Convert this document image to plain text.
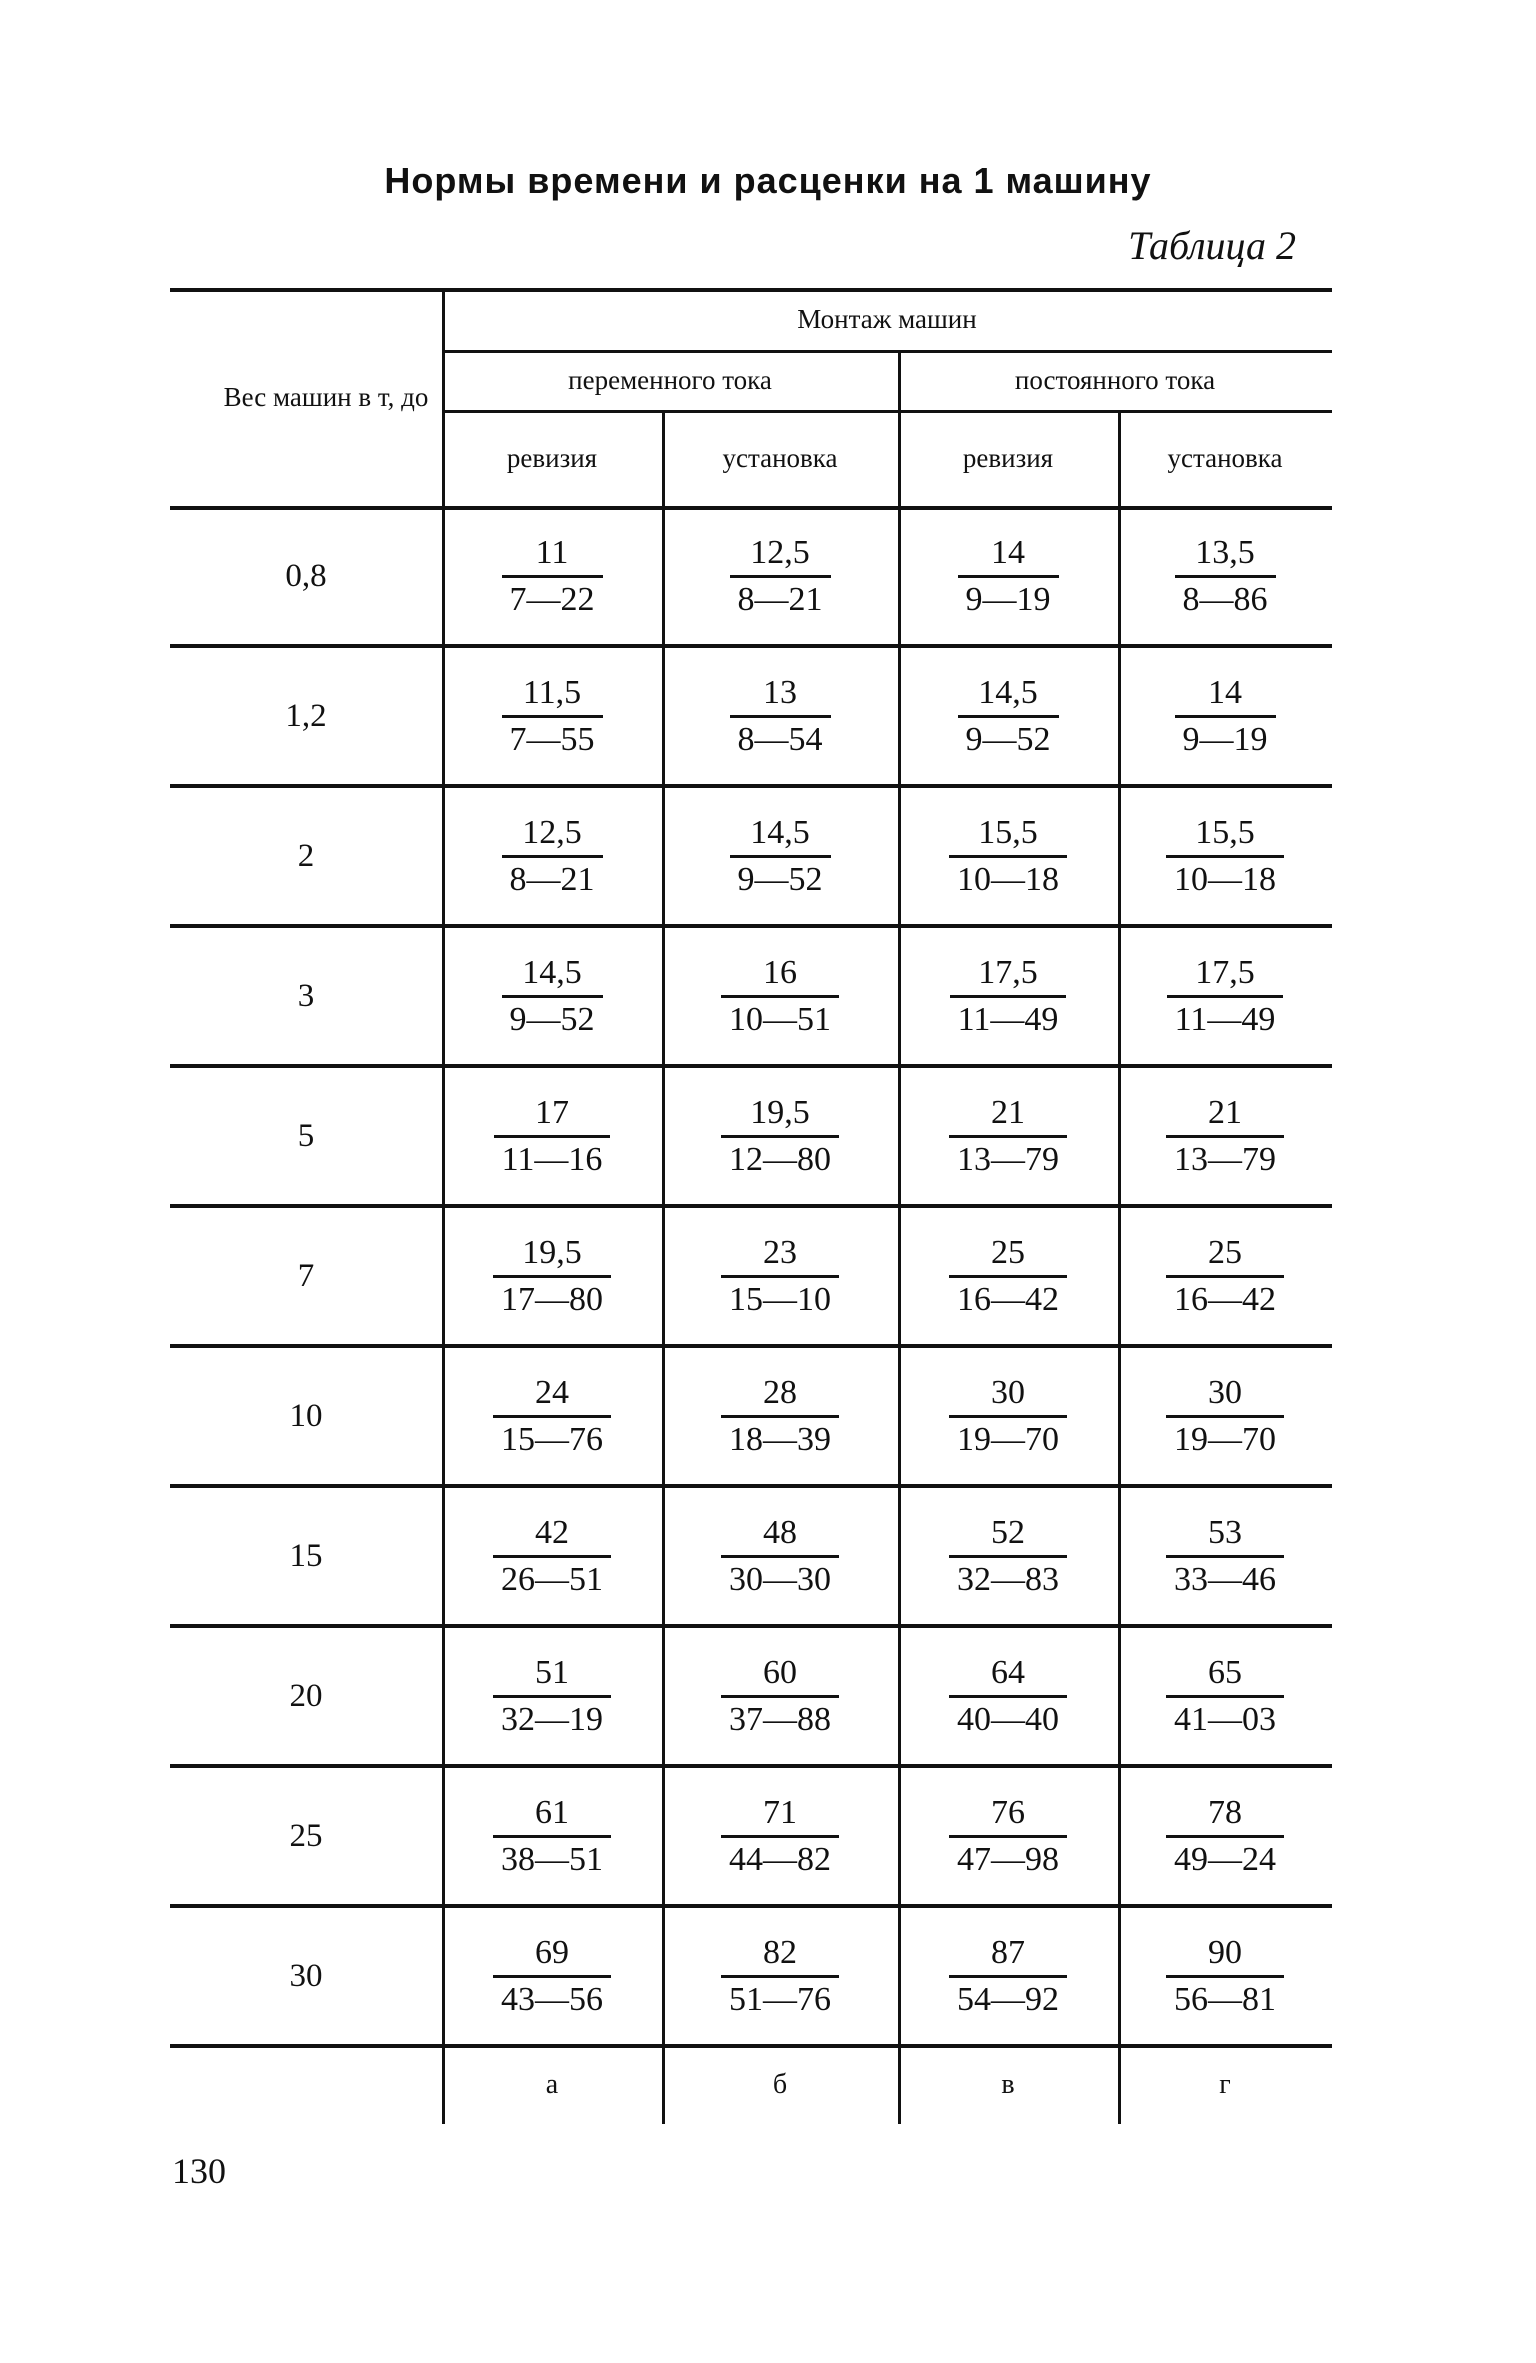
Нормы времени и расценки на 1 машину
Таблица 2
Вес машин в т, до
Монтаж машин
переменного тока	постоянного тока
ревизия	установка	ревизия	установка
0,8	$\frac{11}{7—22}$	$\frac{12,5}{8—21}$	$\frac{14}{9—19}$	$\frac{13,5}{8—86}$
1,2	$\frac{11,5}{7—55}$	$\frac{13}{8—54}$	$\frac{14,5}{9—52}$	$\frac{14}{9—19}$
2	$\frac{12,5}{8—21}$	$\frac{14,5}{9—52}$	$\frac{15,5}{10—18}$	$\frac{15,5}{10—18}$
3	$\frac{14,5}{9—52}$	$\frac{16}{10—51}$	$\frac{17,5}{11—49}$	$\frac{17,5}{11—49}$
5	$\frac{17}{11—16}$	$\frac{19,5}{12—80}$	$\frac{21}{13—79}$	$\frac{21}{13—79}$
7	$\frac{19,5}{17—80}$	$\frac{23}{15—10}$	$\frac{25}{16—42}$	$\frac{25}{16—42}$
10	$\frac{24}{15—76}$	$\frac{28}{18—39}$	$\frac{30}{19—70}$	$\frac{30}{19—70}$
15	$\frac{42}{26—51}$	$\frac{48}{30—30}$	$\frac{52}{32—83}$	$\frac{53}{33—46}$
20	$\frac{51}{32—19}$	$\frac{60}{37—88}$	$\frac{64}{40—40}$	$\frac{65}{41—03}$
25	$\frac{61}{38—51}$	$\frac{71}{44—82}$	$\frac{76}{47—98}$	$\frac{78}{49—24}$
30	$\frac{69}{43—56}$	$\frac{82}{51—76}$	$\frac{87}{54—92}$	$\frac{90}{56—81}$
а	б	в	г
130
